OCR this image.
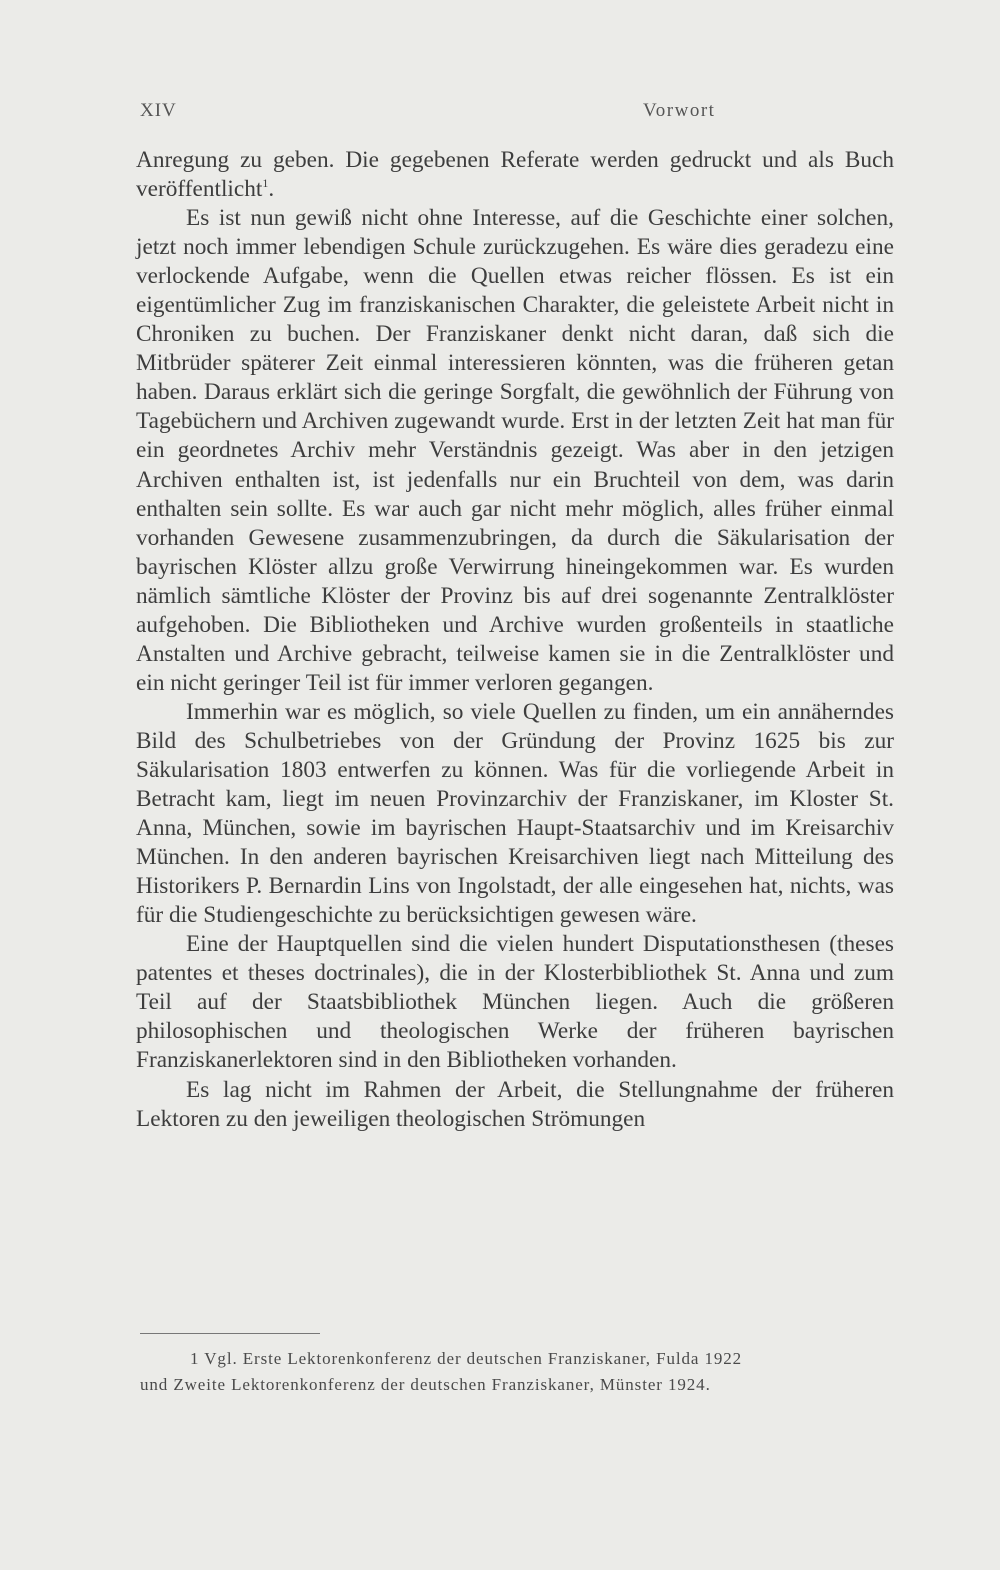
XIV	Vorwort

Anregung zu geben. Die gegebenen Referate werden gedruckt und als Buch veröffentlicht$^1$.

Es ist nun gewiß nicht ohne Interesse, auf die Geschichte einer solchen, jetzt noch immer lebendigen Schule zurückzugehen. Es wäre dies geradezu eine verlockende Aufgabe, wenn die Quellen etwas reicher flössen. Es ist ein eigentümlicher Zug im franziskanischen Charakter, die geleistete Arbeit nicht in Chroniken zu buchen. Der Franziskaner denkt nicht daran, daß sich die Mitbrüder späterer Zeit einmal interessieren könnten, was die früheren getan haben. Daraus erklärt sich die geringe Sorgfalt, die gewöhnlich der Führung von Tagebüchern und Archiven zugewandt wurde. Erst in der letzten Zeit hat man für ein geordnetes Archiv mehr Verständnis gezeigt. Was aber in den jetzigen Archiven enthalten ist, ist jedenfalls nur ein Bruchteil von dem, was darin enthalten sein sollte. Es war auch gar nicht mehr möglich, alles früher einmal vorhanden Gewesene zusammenzubringen, da durch die Säkularisation der bayrischen Klöster allzu große Verwirrung hineingekommen war. Es wurden nämlich sämtliche Klöster der Provinz bis auf drei sogenannte Zentralklöster aufgehoben. Die Bibliotheken und Archive wurden großenteils in staatliche Anstalten und Archive gebracht, teilweise kamen sie in die Zentralklöster und ein nicht geringer Teil ist für immer verloren gegangen.

Immerhin war es möglich, so viele Quellen zu finden, um ein annäherndes Bild des Schulbetriebes von der Gründung der Provinz 1625 bis zur Säkularisation 1803 entwerfen zu können. Was für die vorliegende Arbeit in Betracht kam, liegt im neuen Provinzarchiv der Franziskaner, im Kloster St. Anna, München, sowie im bayrischen Haupt-Staatsarchiv und im Kreisarchiv München. In den anderen bayrischen Kreisarchiven liegt nach Mitteilung des Historikers P. Bernardin Lins von Ingolstadt, der alle eingesehen hat, nichts, was für die Studiengeschichte zu berücksichtigen gewesen wäre.

Eine der Hauptquellen sind die vielen hundert Disputationsthesen (theses patentes et theses doctrinales), die in der Klosterbibliothek St. Anna und zum Teil auf der Staatsbibliothek München liegen. Auch die größeren philosophischen und theologischen Werke der früheren bayrischen Franziskanerlektoren sind in den Bibliotheken vorhanden.

Es lag nicht im Rahmen der Arbeit, die Stellungnahme der früheren Lektoren zu den jeweiligen theologischen Strömungen

1 Vgl. Erste Lektorenkonferenz der deutschen Franziskaner, Fulda 1922
und Zweite Lektorenkonferenz der deutschen Franziskaner, Münster 1924.
